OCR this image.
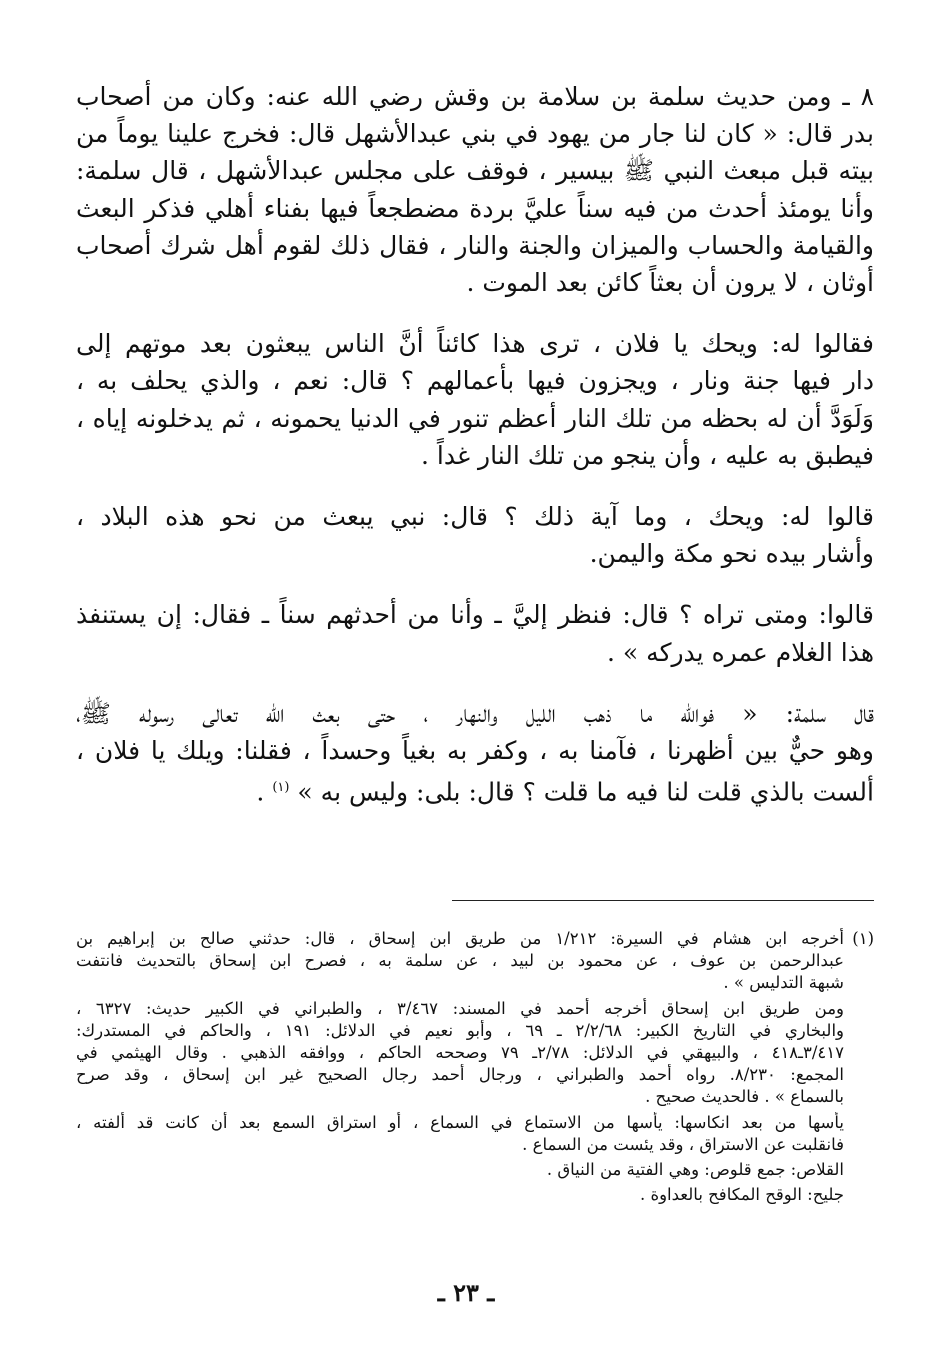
٨ ـ ومن حديث سلمة بن سلامة بن وقش رضي الله عنه: وكان من أصحاب
بدر قال: « كان لنا جار من يهود في بني عبدالأشهل قال: فخرج علينا يوماً من
بيته قبل مبعث النبي ﷺ بيسير ، فوقف على مجلس عبدالأشهل ، قال سلمة:
وأنا يومئذ أحدث من فيه سناً عليَّ بردة مضطجعاً فيها بفناء أهلي فذكر البعث
والقيامة والحساب والميزان والجنة والنار ، فقال ذلك لقوم أهل شرك أصحاب
أوثان ، لا يرون أن بعثاً كائن بعد الموت .
فقالوا له: ويحك يا فلان ، ترى هذا كائناً أنَّ الناس يبعثون بعد موتهم إلى
دار فيها جنة ونار ، ويجزون فيها بأعمالهم ؟ قال: نعم ، والذي يحلف به ،
وَلَوَدَّ أن له بحظه من تلك النار أعظم تنور في الدنيا يحمونه ، ثم يدخلونه إياه ،
فيطبق به عليه ، وأن ينجو من تلك النار غداً .
قالوا له: ويحك ، وما آية ذلك ؟ قال: نبي يبعث من نحو هذه البلاد ،
وأشار بيده نحو مكة واليمن.
قالوا: ومتى تراه ؟ قال: فنظر إليَّ ـ وأنا من أحدثهم سناً ـ فقال: إن يستنفذ
هذا الغلام عمره يدركه » .
قال سلمة: « فوالله ما ذهب الليل والنهار ، حتى بعث الله تعالى رسوله ﷺ،
وهو حيٌّ بين أظهرنا ، فآمنا به ، وكفر به بغياً وحسداً ، فقلنا: ويلك يا فلان ،
ألست بالذي قلت لنا فيه ما قلت ؟ قال: بلى: وليس به » $^{(١)}$ .
(١)أخرجه ابن هشام في السيرة: ١/٢١٢ من طريق ابن إسحاق ، قال: حدثني صالح بن إبراهيم بن
عبدالرحمن بن عوف ، عن محمود بن لبيد ، عن سلمة به ، فصرح ابن إسحاق بالتحديث فانتفت
شبهة التدليس » .
ومن طريق ابن إسحاق أخرجه أحمد في المسند: ٣/٤٦٧ ، والطبراني في الكبير حديث: ٦٣٢٧ ،
والبخاري في التاريخ الكبير: ٢/٢/٦٨ ـ ٦٩ ، وأبو نعيم في الدلائل: ١٩١ ، والحاكم في المستدرك:
٣/٤١٧ـ٤١٨ ، والبيهقي في الدلائل: ٢/٧٨ـ ٧٩ وصححه الحاكم ، ووافقه الذهبي . وقال الهيثمي في
المجمع: ٨/٢٣٠. رواه أحمد والطبراني ، ورجال أحمد رجال الصحيح غير ابن إسحاق ، وقد صرح
بالسماع » . فالحديث صحيح .
يأسها من بعد انكاسها: يأسها من الاستماع في السماع ، أو استراق السمع بعد أن كانت قد ألفته ،
فانقلبت عن الاستراق ، وقد يئست من السماع .
القلاص: جمع قلوص: وهي الفتية من النياق .
جليح: الوقح المكافح بالعداوة .
ـ ٢٣ ـ
